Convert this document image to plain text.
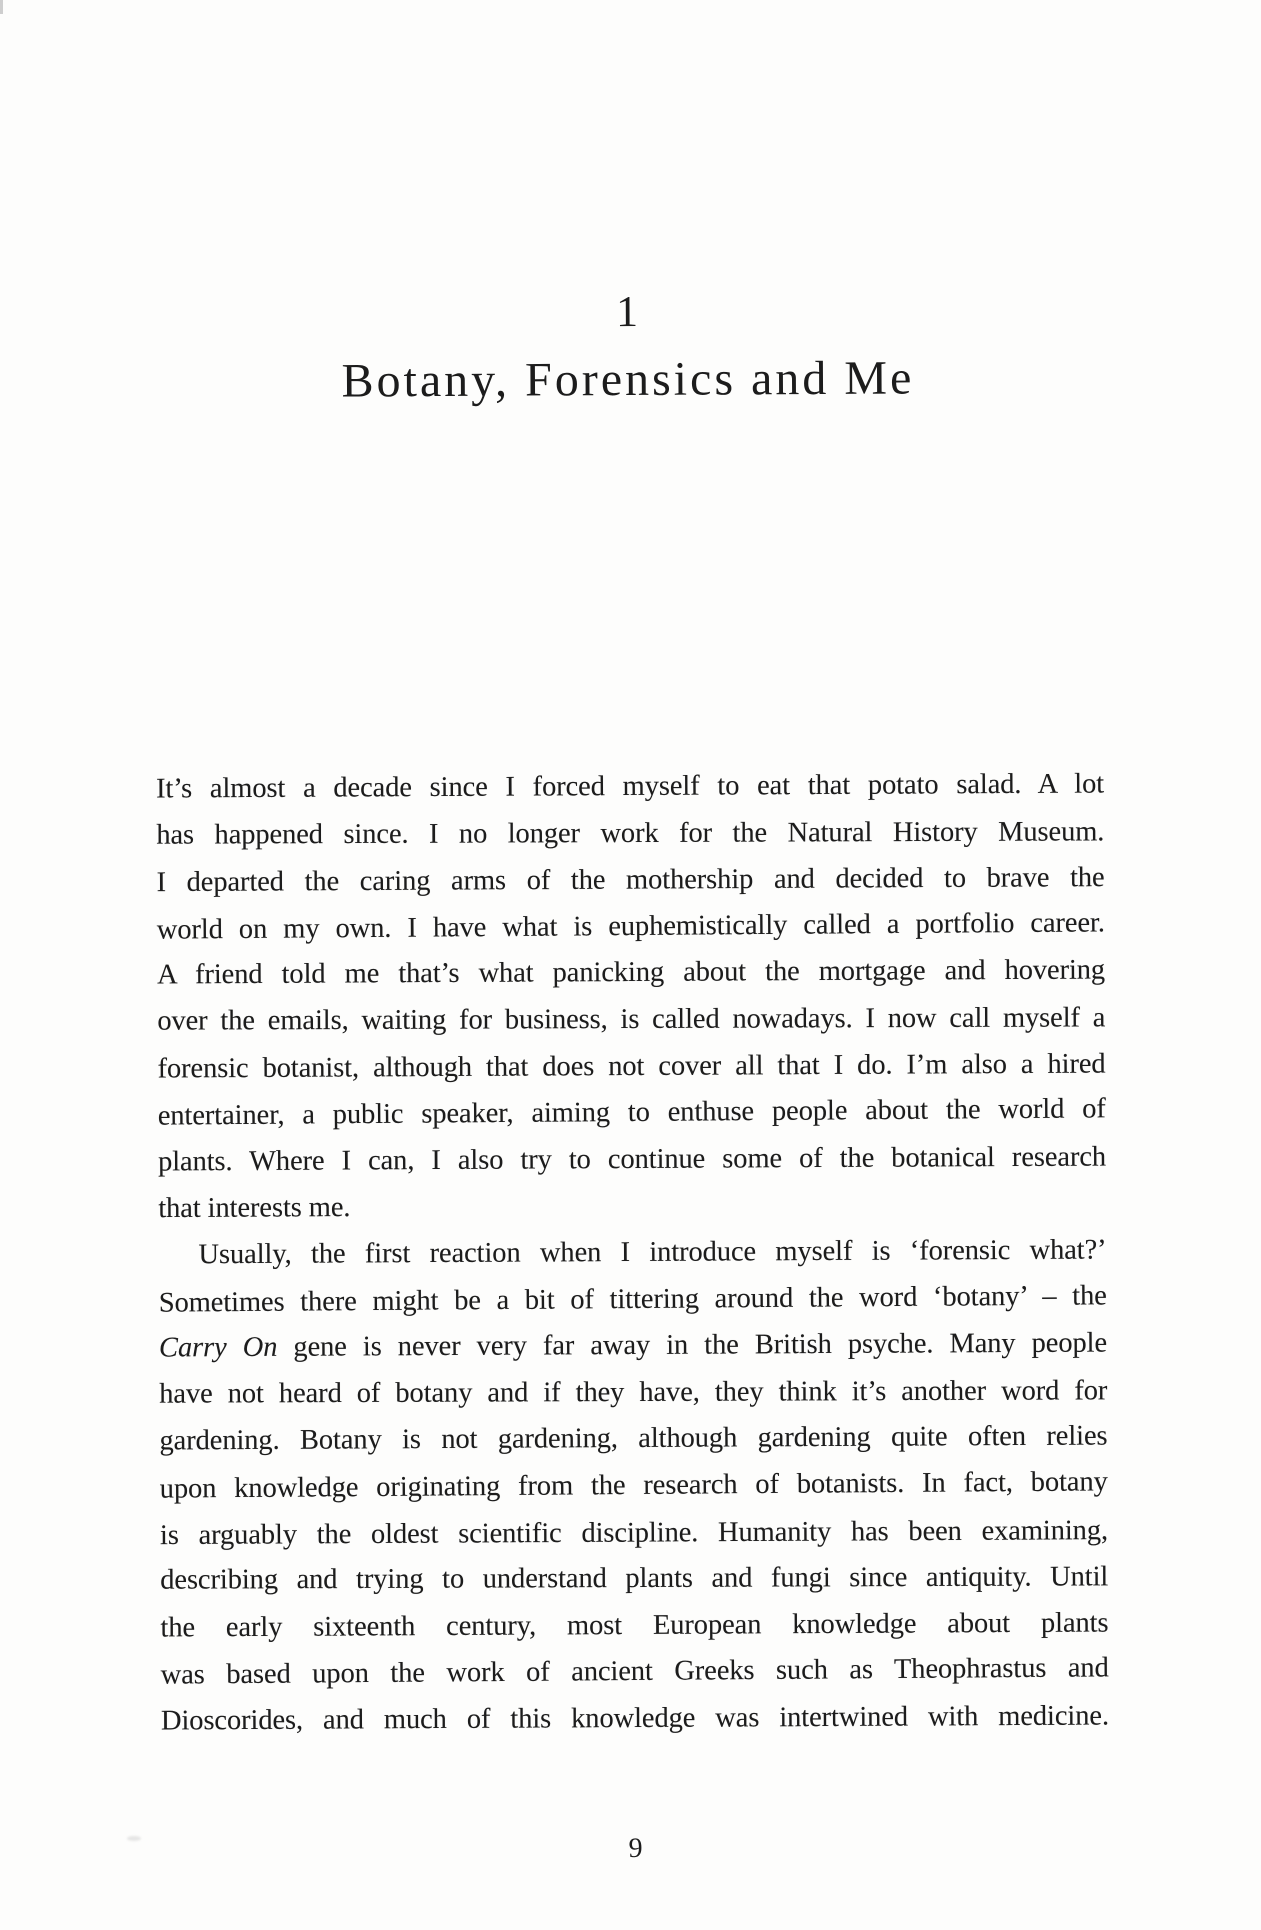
1
Botany, Forensics and Me
It’s almost a decade since I forced myself to eat that potato salad. A lot
has happened since. I no longer work for the Natural History Museum.
I departed the caring arms of the mothership and decided to brave the
world on my own. I have what is euphemistically called a portfolio career.
A friend told me that’s what panicking about the mortgage and hovering
over the emails, waiting for business, is called nowadays. I now call myself a
forensic botanist, although that does not cover all that I do. I’m also a hired
entertainer, a public speaker, aiming to enthuse people about the world of
plants. Where I can, I also try to continue some of the botanical research
that interests me.
Usually, the first reaction when I introduce myself is ‘forensic what?’
Sometimes there might be a bit of tittering around the word ‘botany’ – the
Carry On gene is never very far away in the British psyche. Many people
have not heard of botany and if they have, they think it’s another word for
gardening. Botany is not gardening, although gardening quite often relies
upon knowledge originating from the research of botanists. In fact, botany
is arguably the oldest scientific discipline. Humanity has been examining,
describing and trying to understand plants and fungi since antiquity. Until
the early sixteenth century, most European knowledge about plants
was based upon the work of ancient Greeks such as Theophrastus and
Dioscorides, and much of this knowledge was intertwined with medicine.
9
